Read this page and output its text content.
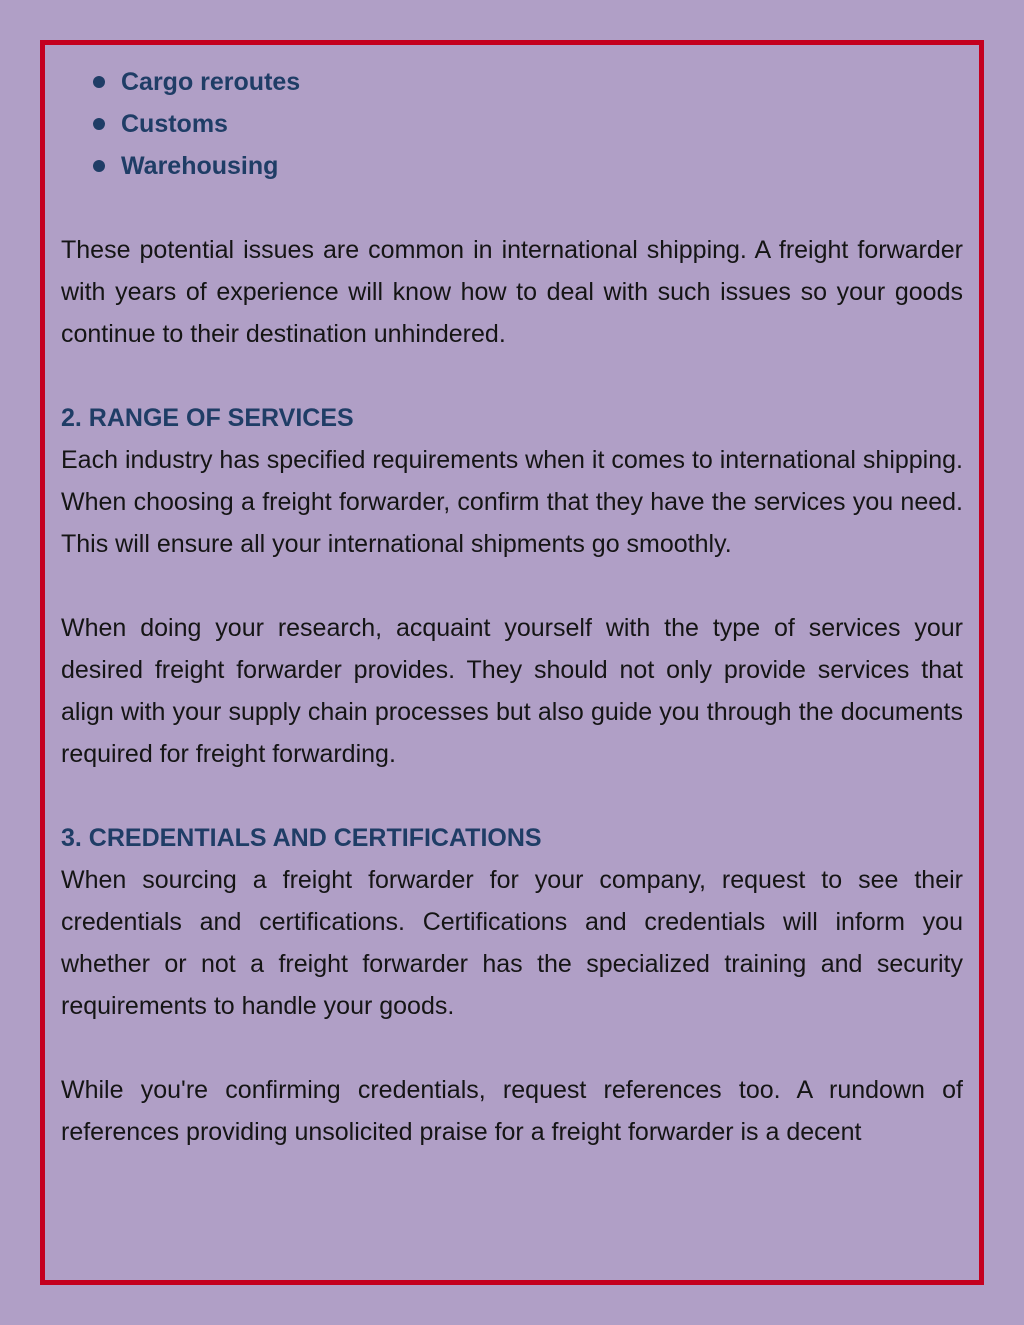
Cargo reroutes
Customs
Warehousing

These potential issues are common in international shipping. A freight forwarder with years of experience will know how to deal with such issues so your goods continue to their destination unhindered.

2. RANGE OF SERVICES

Each industry has specified requirements when it comes to international shipping. When choosing a freight forwarder, confirm that they have the services you need. This will ensure all your international shipments go smoothly.

When doing your research, acquaint yourself with the type of services your desired freight forwarder provides. They should not only provide services that align with your supply chain processes but also guide you through the documents required for freight forwarding.

3. CREDENTIALS AND CERTIFICATIONS

When sourcing a freight forwarder for your company, request to see their credentials and certifications. Certifications and credentials will inform you whether or not a freight forwarder has the specialized training and security requirements to handle your goods.

While you're confirming credentials, request references too. A rundown of references providing unsolicited praise for a freight forwarder is a decent
